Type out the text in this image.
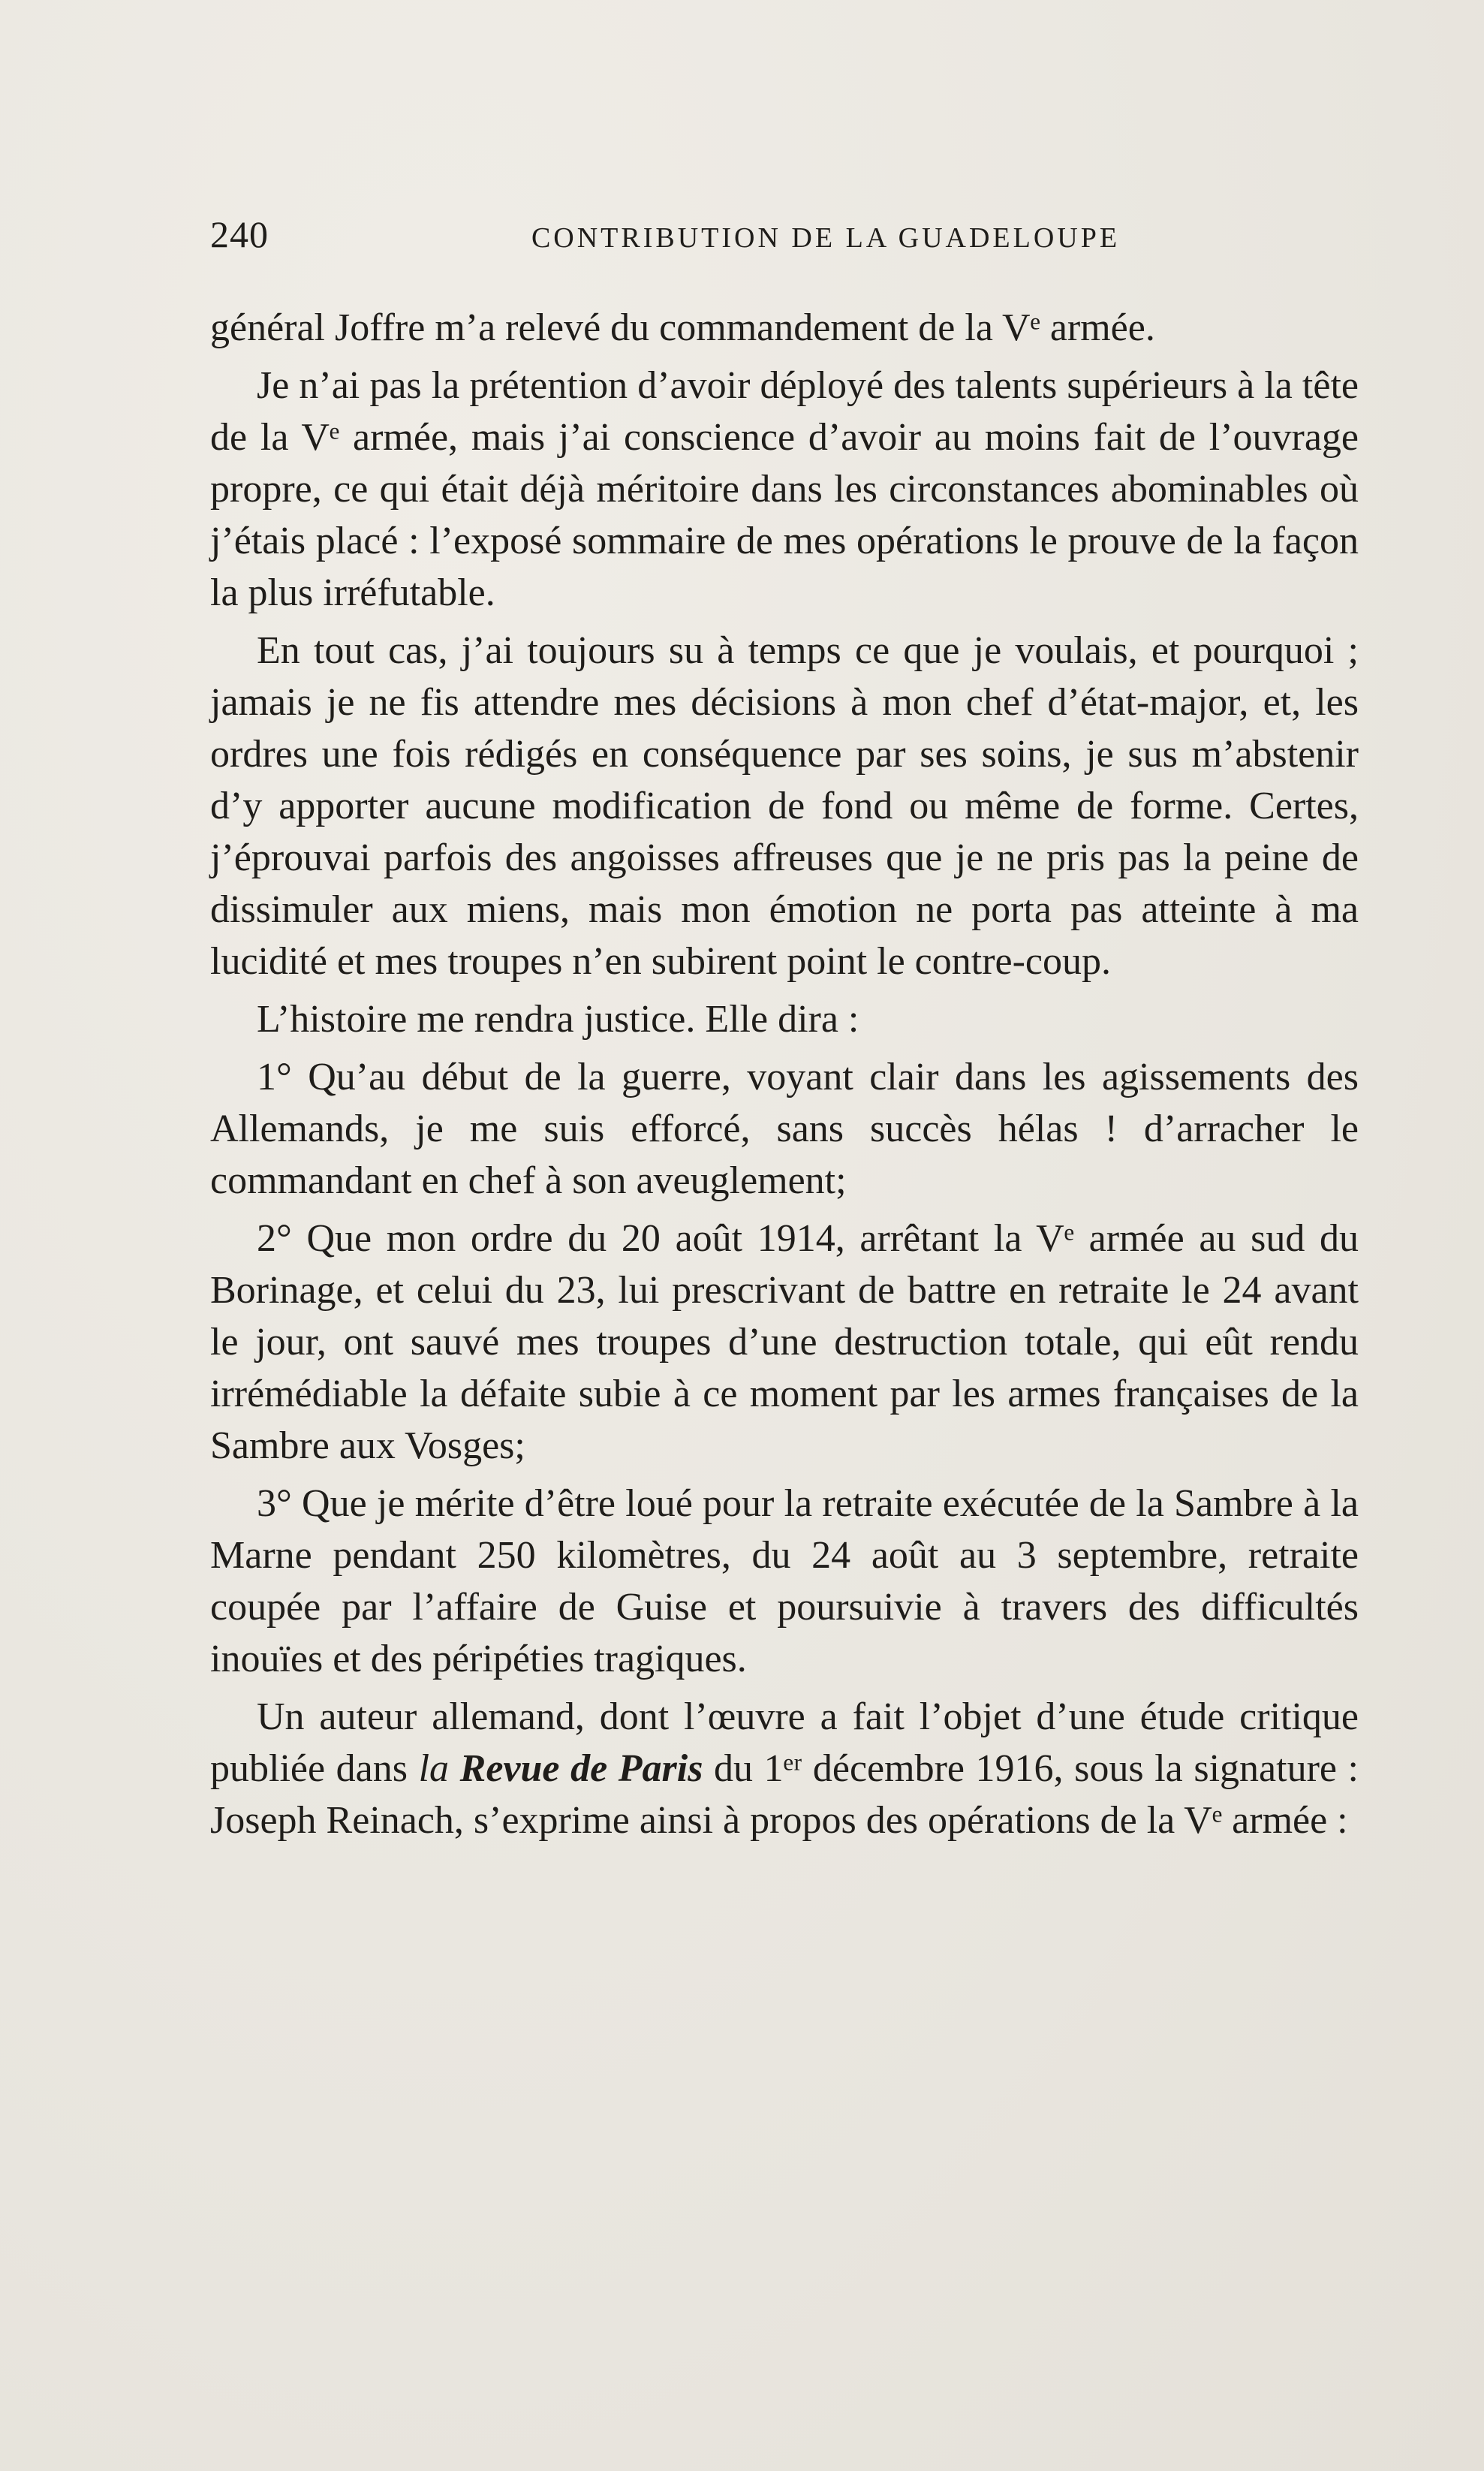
240	CONTRIBUTION DE LA GUADELOUPE

général Joffre m’a relevé du commandement de la Vᵉ armée.

Je n’ai pas la prétention d’avoir déployé des talents supérieurs à la tête de la Vᵉ armée, mais j’ai conscience d’avoir au moins fait de l’ouvrage propre, ce qui était déjà méritoire dans les circonstances abominables où j’étais placé : l’exposé sommaire de mes opérations le prouve de la façon la plus irréfutable.

En tout cas, j’ai toujours su à temps ce que je voulais, et pourquoi ; jamais je ne fis attendre mes décisions à mon chef d’état-major, et, les ordres une fois rédigés en conséquence par ses soins, je sus m’abstenir d’y apporter aucune modification de fond ou même de forme. Certes, j’éprouvai parfois des angoisses affreuses que je ne pris pas la peine de dissimuler aux miens, mais mon émotion ne porta pas atteinte à ma lucidité et mes troupes n’en subirent point le contre-coup.

L’histoire me rendra justice. Elle dira :

1° Qu’au début de la guerre, voyant clair dans les agissements des Allemands, je me suis efforcé, sans succès hélas ! d’arracher le commandant en chef à son aveuglement;

2° Que mon ordre du 20 août 1914, arrêtant la Vᵉ armée au sud du Borinage, et celui du 23, lui prescrivant de battre en retraite le 24 avant le jour, ont sauvé mes troupes d’une destruction totale, qui eût rendu irrémédiable la défaite subie à ce moment par les armes françaises de la Sambre aux Vosges;

3° Que je mérite d’être loué pour la retraite exécutée de la Sambre à la Marne pendant 250 kilomètres, du 24 août au 3 septembre, retraite coupée par l’affaire de Guise et poursuivie à travers des difficultés inouïes et des péripéties tragiques.

Un auteur allemand, dont l’œuvre a fait l’objet d’une étude critique publiée dans la Revue de Paris du 1ᵉʳ décembre 1916, sous la signature : Joseph Reinach, s’exprime ainsi à propos des opérations de la Vᵉ armée :
